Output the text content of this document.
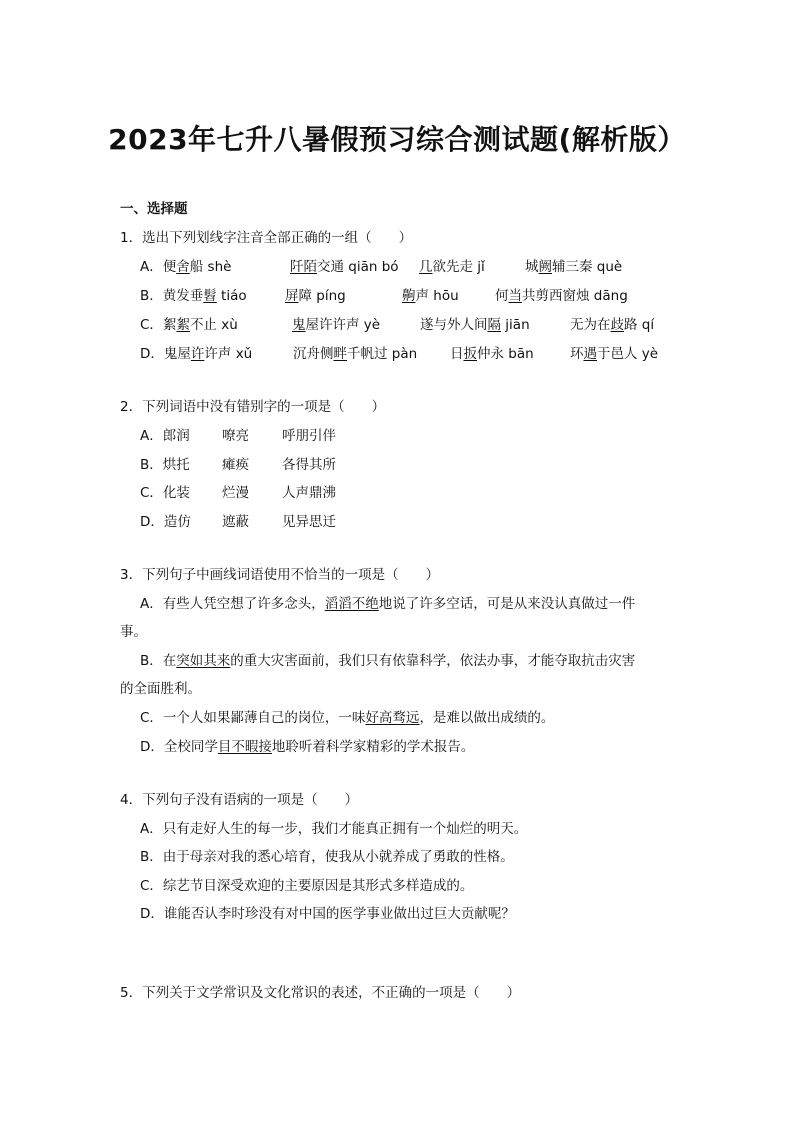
2023年七升八暑假预习综合测试题(解析版）
一、选择题
1．选出下列划线字注音全部正确的一组（　　）
A．便舍船 shè	阡陌交通 qiān bó 几欲先走 jǐ	城阙辅三秦 què
B．黄发垂髫 tiáo	屏障 píng	齁声 hōu	何当共剪西窗烛 dāng
C．絮絮不止 xù	鬼屋许许声 yè	遂与外人间隔 jiān	无为在歧路 qí
D．鬼屋许许声 xǔ	沉舟侧畔千帆过 pàn 日扳仲永 bān	环遇于邑人 yè
2．下列词语中没有错别字的一项是（　　）
A．郎润 嘹亮 呼朋引伴
B．烘托 瘫痪 各得其所
C．化装 烂漫 人声鼎沸
D．造仿 遮蔽 见异思迁
3．下列句子中画线词语使用不恰当的一项是（　　）
A．有些人凭空想了许多念头，滔滔不绝地说了许多空话，可是从来没认真做过一件
事。
B．在突如其来的重大灾害面前，我们只有依靠科学，依法办事，才能夺取抗击灾害
的全面胜利。
C．一个人如果鄙薄自己的岗位，一味好高骛远，是难以做出成绩的。
D．全校同学目不暇接地聆听着科学家精彩的学术报告。
4．下列句子没有语病的一项是（　　）
A．只有走好人生的每一步，我们才能真正拥有一个灿烂的明天。
B．由于母亲对我的悉心培育，使我从小就养成了勇敢的性格。
C．综艺节目深受欢迎的主要原因是其形式多样造成的。
D．谁能否认李时珍没有对中国的医学事业做出过巨大贡献呢？
5．下列关于文学常识及文化常识的表述，不正确的一项是（　　）
